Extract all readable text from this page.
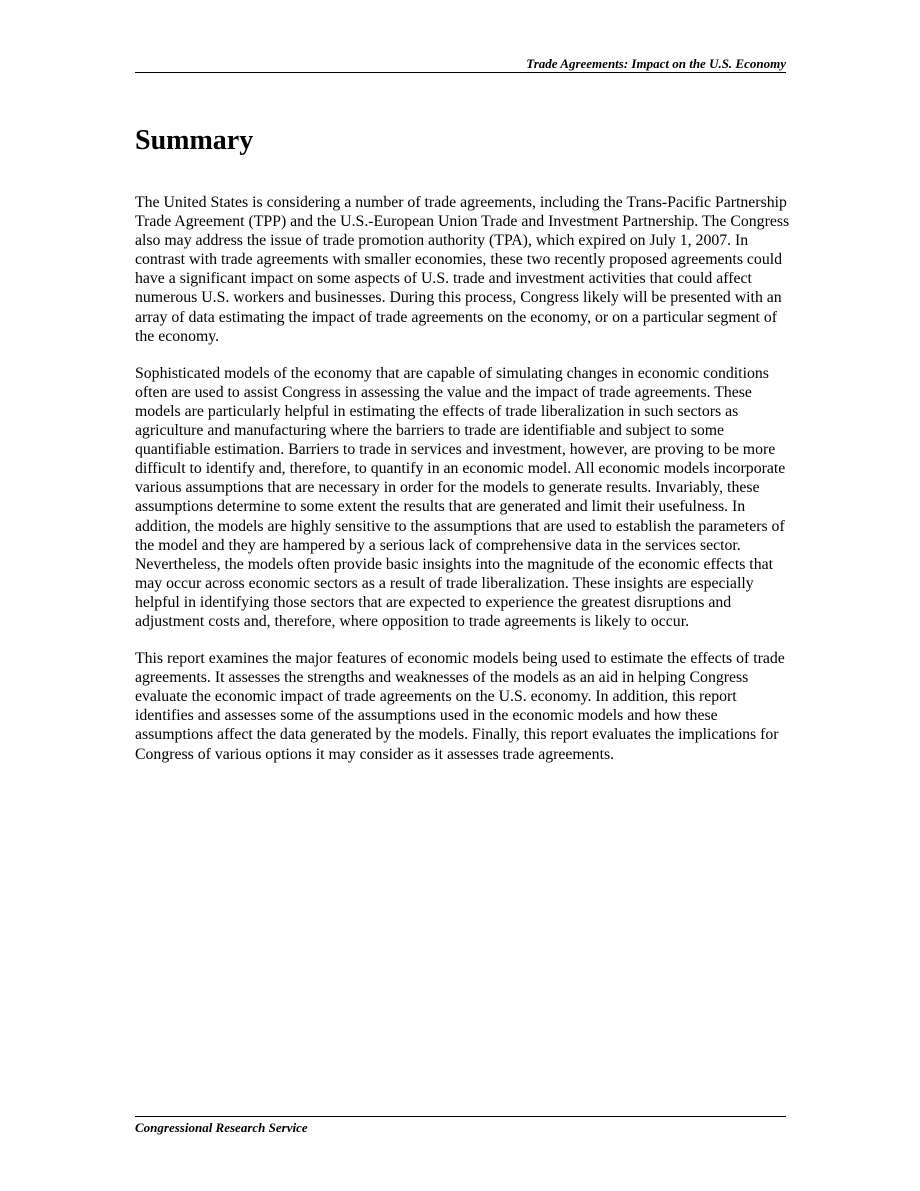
Trade Agreements: Impact on the U.S. Economy
Summary

The United States is considering a number of trade agreements, including the Trans-Pacific Partnership Trade Agreement (TPP) and the U.S.-European Union Trade and Investment Partnership. The Congress also may address the issue of trade promotion authority (TPA), which expired on July 1, 2007. In contrast with trade agreements with smaller economies, these two recently proposed agreements could have a significant impact on some aspects of U.S. trade and investment activities that could affect numerous U.S. workers and businesses. During this process, Congress likely will be presented with an array of data estimating the impact of trade agreements on the economy, or on a particular segment of the economy.

Sophisticated models of the economy that are capable of simulating changes in economic conditions often are used to assist Congress in assessing the value and the impact of trade agreements. These models are particularly helpful in estimating the effects of trade liberalization in such sectors as agriculture and manufacturing where the barriers to trade are identifiable and subject to some quantifiable estimation. Barriers to trade in services and investment, however, are proving to be more difficult to identify and, therefore, to quantify in an economic model. All economic models incorporate various assumptions that are necessary in order for the models to generate results. Invariably, these assumptions determine to some extent the results that are generated and limit their usefulness. In addition, the models are highly sensitive to the assumptions that are used to establish the parameters of the model and they are hampered by a serious lack of comprehensive data in the services sector. Nevertheless, the models often provide basic insights into the magnitude of the economic effects that may occur across economic sectors as a result of trade liberalization. These insights are especially helpful in identifying those sectors that are expected to experience the greatest disruptions and adjustment costs and, therefore, where opposition to trade agreements is likely to occur.

This report examines the major features of economic models being used to estimate the effects of trade agreements. It assesses the strengths and weaknesses of the models as an aid in helping Congress evaluate the economic impact of trade agreements on the U.S. economy. In addition, this report identifies and assesses some of the assumptions used in the economic models and how these assumptions affect the data generated by the models. Finally, this report evaluates the implications for Congress of various options it may consider as it assesses trade agreements.

Congressional Research Service
